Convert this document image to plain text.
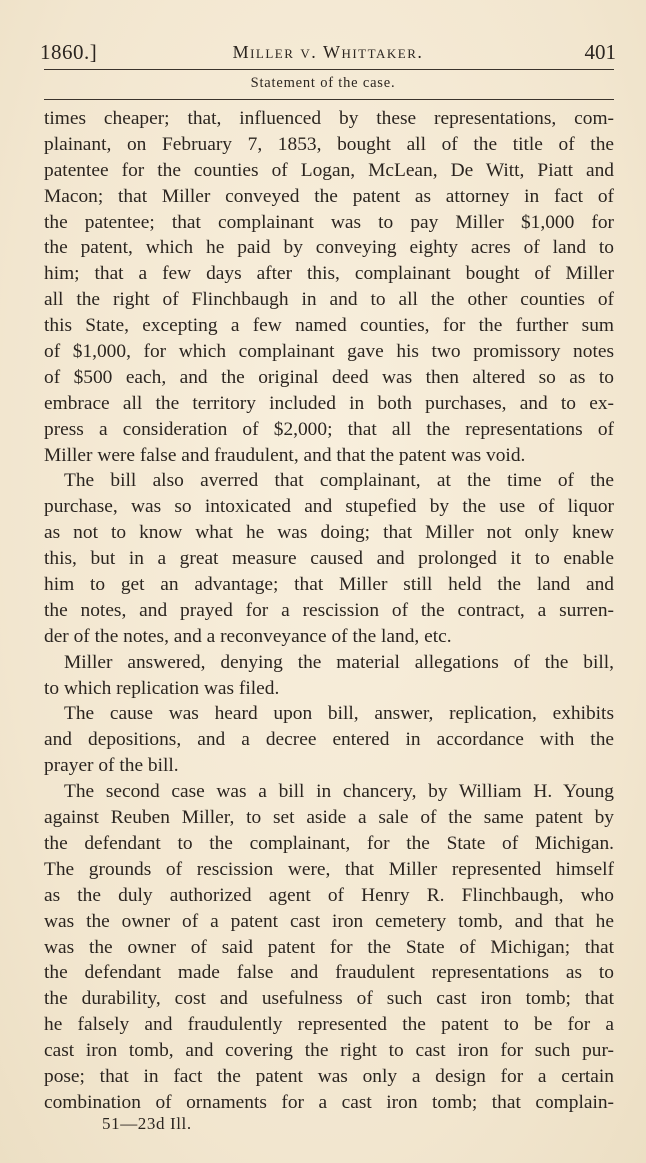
1860.]	Miller v. Whittaker.	401
Statement of the case.
times cheaper; that, influenced by these representations, com-
plainant, on February 7, 1853, bought all of the title of the
patentee for the counties of Logan, McLean, De Witt, Piatt and
Macon; that Miller conveyed the patent as attorney in fact of
the patentee; that complainant was to pay Miller $1,000 for
the patent, which he paid by conveying eighty acres of land to
him; that a few days after this, complainant bought of Miller
all the right of Flinchbaugh in and to all the other counties of
this State, excepting a few named counties, for the further sum
of $1,000, for which complainant gave his two promissory notes
of $500 each, and the original deed was then altered so as to
embrace all the territory included in both purchases, and to ex-
press a consideration of $2,000; that all the representations of
Miller were false and fraudulent, and that the patent was void.
The bill also averred that complainant, at the time of the
purchase, was so intoxicated and stupefied by the use of liquor
as not to know what he was doing; that Miller not only knew
this, but in a great measure caused and prolonged it to enable
him to get an advantage; that Miller still held the land and
the notes, and prayed for a rescission of the contract, a surren-
der of the notes, and a reconveyance of the land, etc.
Miller answered, denying the material allegations of the bill,
to which replication was filed.
The cause was heard upon bill, answer, replication, exhibits
and depositions, and a decree entered in accordance with the
prayer of the bill.
The second case was a bill in chancery, by William H. Young
against Reuben Miller, to set aside a sale of the same patent by
the defendant to the complainant, for the State of Michigan.
The grounds of rescission were, that Miller represented himself
as the duly authorized agent of Henry R. Flinchbaugh, who
was the owner of a patent cast iron cemetery tomb, and that he
was the owner of said patent for the State of Michigan; that
the defendant made false and fraudulent representations as to
the durability, cost and usefulness of such cast iron tomb; that
he falsely and fraudulently represented the patent to be for a
cast iron tomb, and covering the right to cast iron for such pur-
pose; that in fact the patent was only a design for a certain
combination of ornaments for a cast iron tomb; that complain-
51—23d Ill.
